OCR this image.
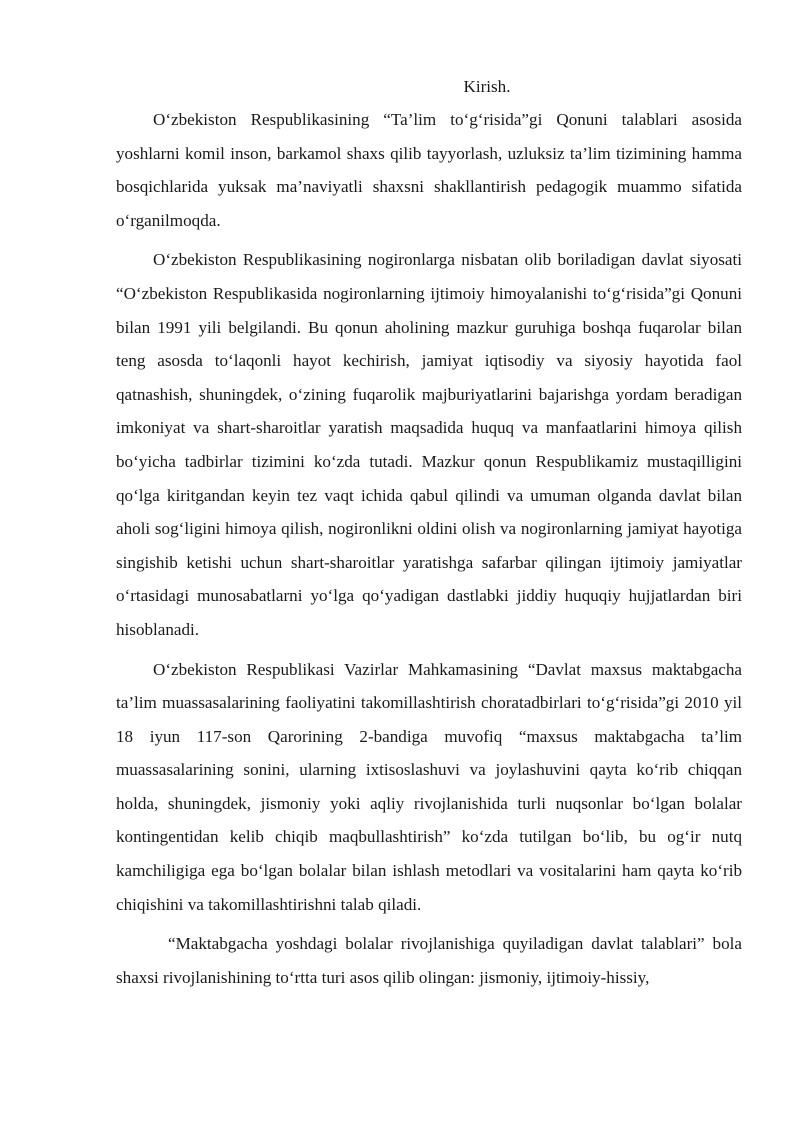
Kirish.

O‘zbekiston Respublikasining “Ta’lim to‘g‘risida”gi Qonuni talablari asosida yoshlarni komil inson, barkamol shaxs qilib tayyorlash, uzluksiz ta’lim tizimining hamma bosqichlarida yuksak ma’naviyatli shaxsni shakllantirish pedagogik muammo sifatida o‘rganilmoqda.

O‘zbekiston Respublikasining nogironlarga nisbatan olib boriladigan davlat siyosati “O‘zbekiston Respublikasida nogironlarning ijtimoiy himoyalanishi to‘g‘risida”gi Qonuni bilan 1991 yili belgilandi. Bu qonun aholining mazkur guruhiga boshqa fuqarolar bilan teng asosda to‘laqonli hayot kechirish, jamiyat iqtisodiy va siyosiy hayotida faol qatnashish, shuningdek, o‘zining fuqarolik majburiyatlarini bajarishga yordam beradigan imkoniyat va shart-sharoitlar yaratish maqsadida huquq va manfaatlarini himoya qilish bo‘yicha tadbirlar tizimini ko‘zda tutadi. Mazkur qonun Respublikamiz mustaqilligini qo‘lga kiritgandan keyin tez vaqt ichida qabul qilindi va umuman olganda davlat bilan aholi sog‘ligini himoya qilish, nogironlikni oldini olish va nogironlarning jamiyat hayotiga singishib ketishi uchun shart-sharoitlar yaratishga safarbar qilingan ijtimoiy jamiyatlar o‘rtasidagi munosabatlarni yo‘lga qo‘yadigan dastlabki jiddiy huquqiy hujjatlardan biri hisoblanadi.

O‘zbekiston Respublikasi Vazirlar Mahkamasining “Davlat maxsus maktabgacha ta’lim muassasalarining faoliyatini takomillashtirish choratadbirlari to‘g‘risida”gi 2010 yil 18 iyun 117-son Qarorining 2-bandiga muvofiq “maxsus maktabgacha ta’lim muassasalarining sonini, ularning ixtisoslashuvi va joylashuvini qayta ko‘rib chiqqan holda, shuningdek, jismoniy yoki aqliy rivojlanishida turli nuqsonlar bo‘lgan bolalar kontingentidan kelib chiqib maqbullashtirish” ko‘zda tutilgan bo‘lib, bu og‘ir nutq kamchiligiga ega bo‘lgan bolalar bilan ishlash metodlari va vositalarini ham qayta ko‘rib chiqishini va takomillashtirishni talab qiladi.

“Maktabgacha yoshdagi bolalar rivojlanishiga quyiladigan davlat talablari” bola shaxsi rivojlanishining to‘rtta turi asos qilib olingan: jismoniy, ijtimoiy-hissiy,
